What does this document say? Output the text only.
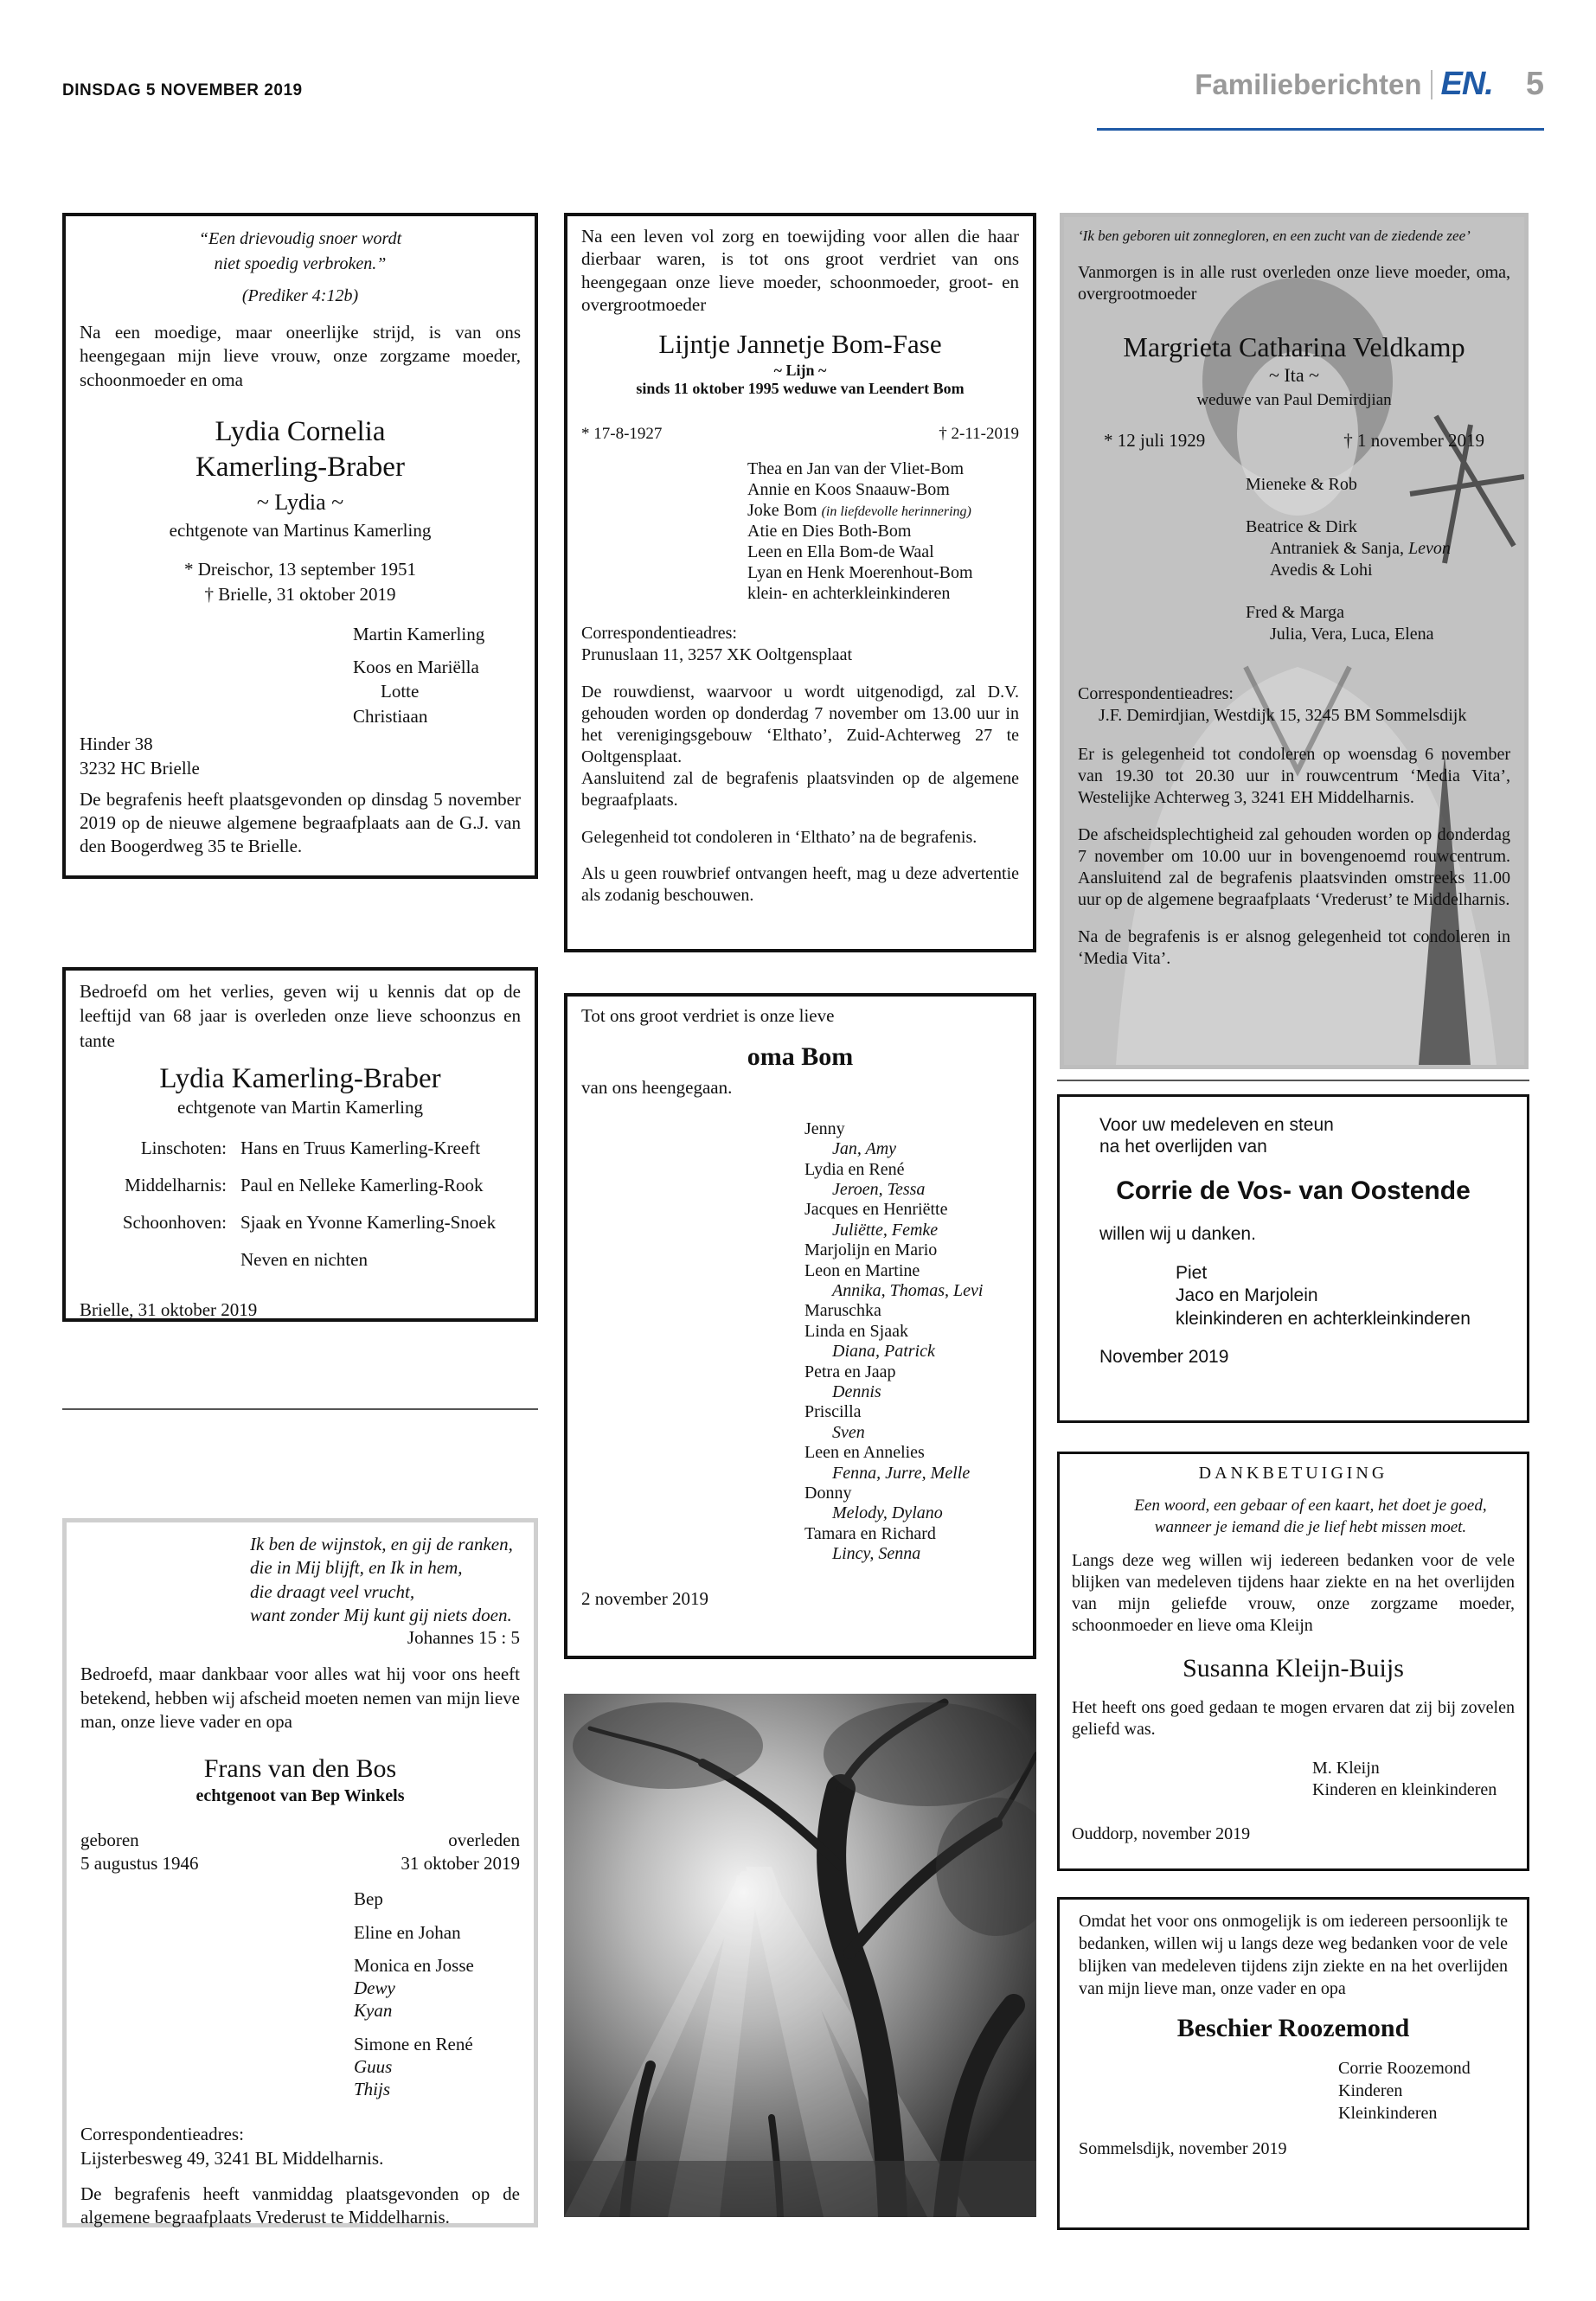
DINSDAG 5 NOVEMBER 2019	Familieberichten EN. 5
“Een drievoudig snoer wordt
niet spoedig verbroken.”
(Prediker 4:12b)

Na een moedige, maar oneerlijke strijd, is van ons heengegaan mijn lieve vrouw, onze zorgzame moeder, schoonmoeder en oma

Lydia Cornelia
Kamerling-Braber
~ Lydia ~
echtgenote van Martinus Kamerling
* Dreischor, 13 september 1951
† Brielle, 31 oktober 2019
Martin Kamerling
Koos en Mariëlla
Lotte
Christiaan
Hinder 38
3232 HC Brielle

De begrafenis heeft plaatsgevonden op dinsdag 5 november 2019 op de nieuwe algemene begraafplaats aan de G.J. van den Boogerdweg 35 te Brielle.

Bedroefd om het verlies, geven wij u kennis dat op de leeftijd van 68 jaar is overleden onze lieve schoonzus en tante

Lydia Kamerling-Braber
echtgenote van Martin Kamerling
Linschoten: Hans en Truus Kamerling-Kreeft
Middelharnis: Paul en Nelleke Kamerling-Rook
Schoonhoven: Sjaak en Yvonne Kamerling-Snoek
Neven en nichten
Brielle, 31 oktober 2019
Ik ben de wijnstok, en gij de ranken,
die in Mij blijft, en Ik in hem,
die draagt veel vrucht,
want zonder Mij kunt gij niets doen.
Johannes 15 : 5

Bedroefd, maar dankbaar voor alles wat hij voor ons heeft betekend, hebben wij afscheid moeten nemen van mijn lieve man, onze lieve vader en opa

Frans van den Bos
echtgenoot van Bep Winkels
geboren
5 augustus 1946
overleden
31 oktober 2019
Bep
Eline en Johan
Monica en Josse
Dewy
Kyan
Simone en René
Guus
Thijs
Correspondentieadres:
Lijsterbesweg 49, 3241 BL Middelharnis.

De begrafenis heeft vanmiddag plaatsgevonden op de algemene begraafplaats Vrederust te Middelharnis.

Na een leven vol zorg en toewijding voor allen die haar dierbaar waren, is tot ons groot verdriet van ons heengegaan onze lieve moeder, schoonmoeder, groot- en overgrootmoeder

Lijntje Jannetje Bom-Fase
~ Lijn ~
sinds 11 oktober 1995 weduwe van Leendert Bom
* 17-8-1927	† 2-11-2019
Thea en Jan van der Vliet-Bom
Annie en Koos Snaauw-Bom
Joke Bom (in liefdevolle herinnering)
Atie en Dies Both-Bom
Leen en Ella Bom-de Waal
Lyan en Henk Moerenhout-Bom
klein- en achterkleinkinderen
Correspondentieadres:
Prunuslaan 11, 3257 XK Ooltgensplaat

De rouwdienst, waarvoor u wordt uitgenodigd, zal D.V. gehouden worden op donderdag 7 november om 13.00 uur in het verenigingsgebouw ‘Elthato’, Zuid-Achterweg 27 te Ooltgensplaat.

Aansluitend zal de begrafenis plaatsvinden op de algemene begraafplaats.

Gelegenheid tot condoleren in ‘Elthato’ na de begrafenis.

Als u geen rouwbrief ontvangen heeft, mag u deze advertentie als zodanig beschouwen.

Tot ons groot verdriet is onze lieve
oma Bom
van ons heengegaan.
Jenny
Jan, Amy
Lydia en René
Jeroen, Tessa
Jacques en Henriëtte
Juliëtte, Femke
Marjolijn en Mario
Leon en Martine
Annika, Thomas, Levi
Maruschka
Linda en Sjaak
Diana, Patrick
Petra en Jaap
Dennis
Priscilla
Sven
Leen en Annelies
Fenna, Jurre, Melle
Donny
Melody, Dylano
Tamara en Richard
Lincy, Senna
2 november 2019
‘Ik ben geboren uit zonnegloren, en een zucht van de ziedende zee’

Vanmorgen is in alle rust overleden onze lieve moeder, oma, overgrootmoeder

Margrieta Catharina Veldkamp
~ Ita ~
weduwe van Paul Demirdjian
* 12 juli 1929	† 1 november 2019
Mieneke & Rob
Beatrice & Dirk
Antraniek & Sanja, Levon
Avedis & Lohi
Fred & Marga
Julia, Vera, Luca, Elena
Correspondentieadres:
J.F. Demirdjian, Westdijk 15, 3245 BM Sommelsdijk

Er is gelegenheid tot condoleren op woensdag 6 november van 19.30 tot 20.30 uur in rouwcentrum ‘Media Vita’, Westelijke Achterweg 3, 3241 EH Middelharnis.

De afscheidsplechtigheid zal gehouden worden op donderdag 7 november om 10.00 uur in bovengenoemd rouwcentrum. Aansluitend zal de begrafenis plaatsvinden omstreeks 11.00 uur op de algemene begraafplaats ‘Vrederust’ te Middelharnis.

Na de begrafenis is er alsnog gelegenheid tot condoleren in ‘Media Vita’.

Voor uw medeleven en steun
na het overlijden van
Corrie de Vos- van Oostende
willen wij u danken.
Piet
Jaco en Marjolein
kleinkinderen en achterkleinkinderen
November 2019
DANKBETUIGING
Een woord, een gebaar of een kaart, het doet je goed,
wanneer je iemand die je lief hebt missen moet.

Langs deze weg willen wij iedereen bedanken voor de vele blijken van medeleven tijdens haar ziekte en na het overlijden van mijn geliefde vrouw, onze zorgzame moeder, schoonmoeder en lieve oma Kleijn

Susanna Kleijn-Buijs

Het heeft ons goed gedaan te mogen ervaren dat zij bij zovelen geliefd was.

M. Kleijn
Kinderen en kleinkinderen
Ouddorp, november 2019

Omdat het voor ons onmogelijk is om iedereen persoonlijk te bedanken, willen wij u langs deze weg bedanken voor de vele blijken van medeleven tijdens zijn ziekte en na het overlijden van mijn lieve man, onze vader en opa

Beschier Roozemond
Corrie Roozemond
Kinderen
Kleinkinderen
Sommelsdijk, november 2019
